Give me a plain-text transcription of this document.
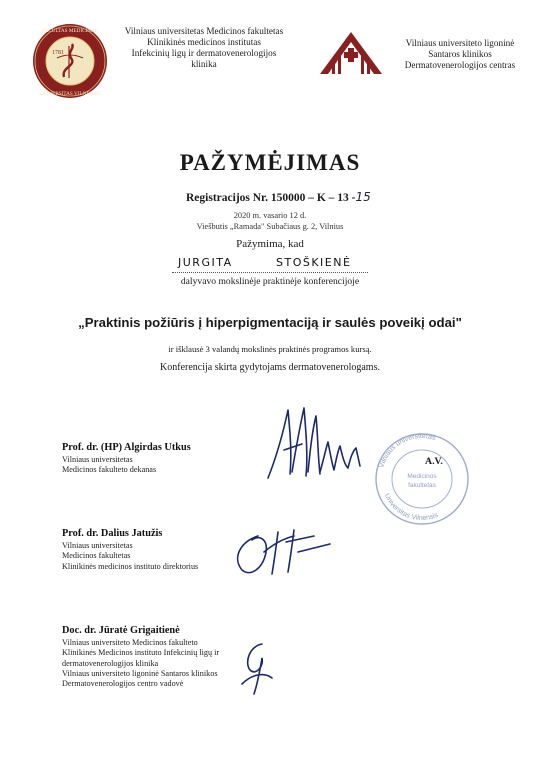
1781
FACULTAS MEDICINAE
UNIVERSITAS VILNENSIS
Vilniaus universitetas Medicinos fakultetas
Klinikinės medicinos institutas
Infekcinių ligų ir dermatovenerologijos
klinika
Vilniaus universiteto ligoninė
Santaros klinikos
Dermatovenerologijos centras
PAŽYMĖJIMAS
Registracijos Nr. 150000 – K – 13 -15
2020 m. vasario 12 d.
Viešbutis „Ramada" Subačiaus g. 2, Vilnius
Pažymima, kad
JURGITA	STOŠKIENĖ
dalyvavo mokslinėje praktinėje konferencijoje
„Praktinis požiūris į hiperpigmentaciją ir saulės poveikį odai"
ir išklausė 3 valandų mokslinės praktinės programos kursą.
Konferencija skirta gydytojams dermatovenerologams.
Prof. dr. (HP) Algirdas Utkus
Vilniaus universitetas
Medicinos fakulteto dekanas	Vilniaus universitetas
Universitas Vilnensis
Medicinos
fakultetas
A.V.
Prof. dr. Dalius Jatužis
Vilniaus universitetas
Medicinos fakultetas
Klinikinės medicinos instituto direktorius
Doc. dr. Jūratė Grigaitienė
Vilniaus universiteto Medicinos fakulteto
Klinikinės Medicinos instituto Infekcinių ligų ir
dermatovenerologijos klinika
Vilniaus universiteto ligoninė Santaros klinikos
Dermatovenerologijos centro vadovė
